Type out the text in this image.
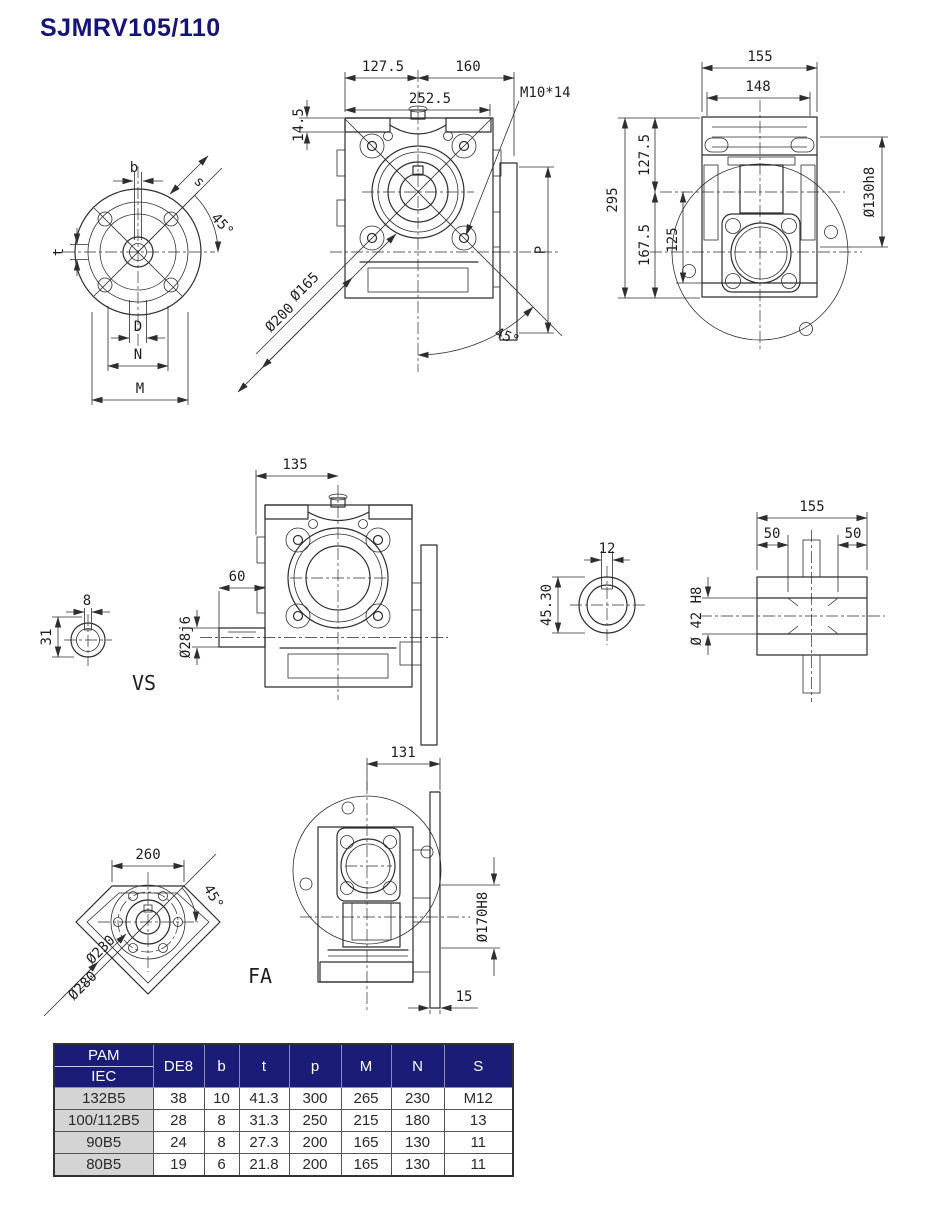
SJMRV105/110
b
t
s
45°
D
N
M
127.5	160
252.5
14.5
M10*14
Ø165
Ø200
45°
P
155
148
295
127.5
167.5 125
Ø130h8
8
31
VS
135
60
Ø28j6
12
45.30
155
50	50
Ø 42 H8
260
45°
Ø230
Ø280	FA
131
Ø170H8
15
PAM
IEC	DE8	b	t	p	M	N	S
132B5	38	10	41.3	300	265	230	M12
100/112B5	28	8	31.3	250	215	180	13
90B5	24	8	27.3	200	165	130	11
80B5	19	6	21.8	200	165	130	11
